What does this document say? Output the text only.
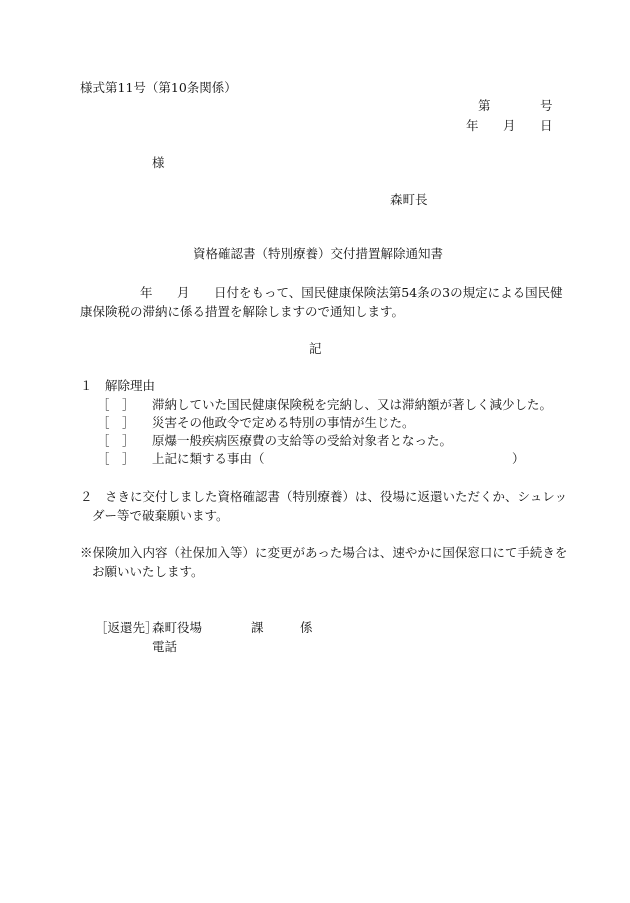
様式第11号（第10条関係）
第	号
年 月 日
様
森町長
資格確認書（特別療養）交付措置解除通知書
年 月 日付をもって、国民健康保険法第54条の3の規定による国民健
康保険税の滞納に係る措置を解除しますので通知します。
記
１　解除理由
［　］ 滞納していた国民健康保険税を完納し、又は滞納額が著しく減少した。
［　］ 災害その他政令で定める特別の事情が生じた。
［　］ 原爆一般疾病医療費の支給等の受給対象者となった。
［　］ 上記に類する事由（	）
２　さきに交付しました資格確認書（特別療養）は、役場に返還いただくか、シュレッ
ダー等で破棄願います。
※保険加入内容（社保加入等）に変更があった場合は、速やかに国保窓口にて手続きを
お願いいたします。
［返還先］
森町役場	課	係
電話
